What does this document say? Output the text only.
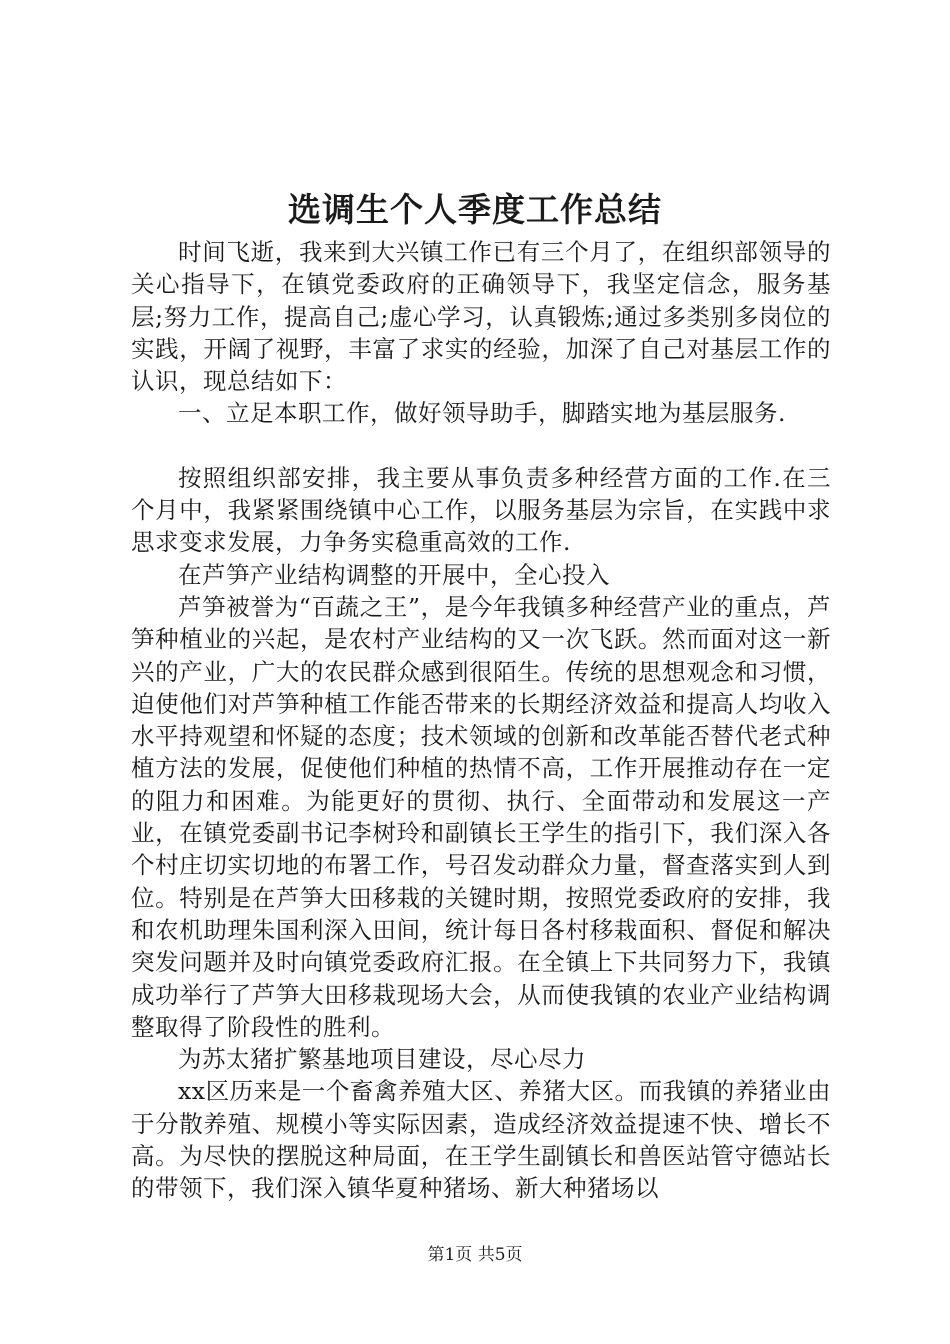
选调生个人季度工作总结

时间飞逝，我来到大兴镇工作已有三个月了，在组织部领导的关心指导下，在镇党委政府的正确领导下，我坚定信念，服务基层;努力工作，提高自己;虚心学习，认真锻炼;通过多类别多岗位的实践，开阔了视野，丰富了求实的经验，加深了自己对基层工作的认识，现总结如下：

一、立足本职工作，做好领导助手，脚踏实地为基层服务.

按照组织部安排，我主要从事负责多种经营方面的工作.在三个月中，我紧紧围绕镇中心工作，以服务基层为宗旨，在实践中求思求变求发展，力争务实稳重高效的工作.

在芦笋产业结构调整的开展中，全心投入

芦笋被誉为“百蔬之王”，是今年我镇多种经营产业的重点，芦笋种植业的兴起，是农村产业结构的又一次飞跃。然而面对这一新兴的产业，广大的农民群众感到很陌生。传统的思想观念和习惯，迫使他们对芦笋种植工作能否带来的长期经济效益和提高人均收入水平持观望和怀疑的态度；技术领域的创新和改革能否替代老式种植方法的发展，促使他们种植的热情不高，工作开展推动存在一定的阻力和困难。为能更好的贯彻、执行、全面带动和发展这一产业，在镇党委副书记李树玲和副镇长王学生的指引下，我们深入各个村庄切实切地的布署工作，号召发动群众力量，督查落实到人到位。特别是在芦笋大田移栽的关键时期，按照党委政府的安排，我和农机助理朱国利深入田间，统计每日各村移栽面积、督促和解决突发问题并及时向镇党委政府汇报。在全镇上下共同努力下，我镇成功举行了芦笋大田移栽现场大会，从而使我镇的农业产业结构调整取得了阶段性的胜利。

为苏太猪扩繁基地项目建设，尽心尽力

xx区历来是一个畜禽养殖大区、养猪大区。而我镇的养猪业由于分散养殖、规模小等实际因素，造成经济效益提速不快、增长不高。为尽快的摆脱这种局面，在王学生副镇长和兽医站管守德站长的带领下，我们深入镇华夏种猪场、新大种猪场以

第1页 共5页
